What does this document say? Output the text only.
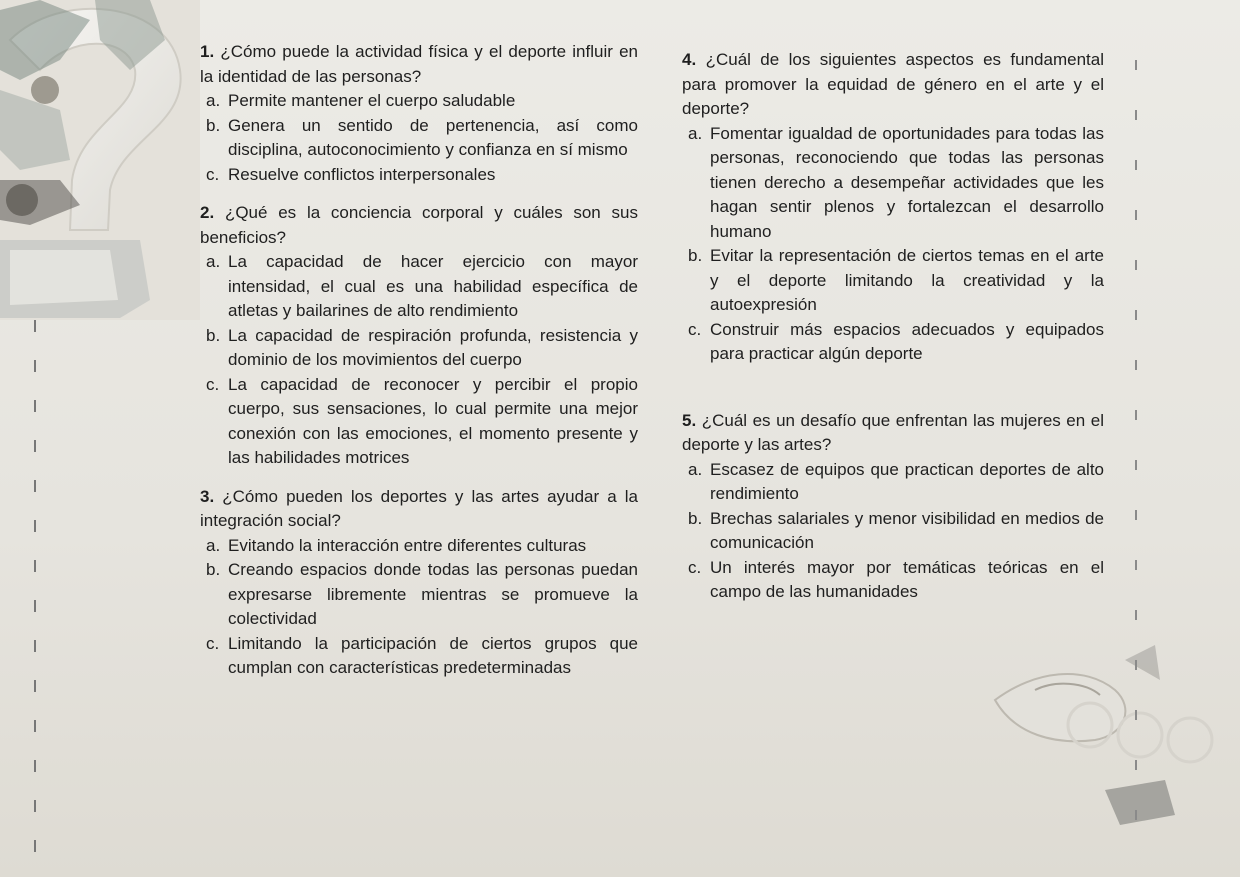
1. ¿Cómo puede la actividad física y el deporte influir en la identidad de las personas?

a. Permite mantener el cuerpo saludable
b. Genera un sentido de pertenencia, así como disciplina, autoconocimiento y confianza en sí mismo
c. Resuelve conflictos interpersonales

2. ¿Qué es la conciencia corporal y cuáles son sus beneficios?

a. La capacidad de hacer ejercicio con mayor intensidad, el cual es una habilidad específica de atletas y bailarines de alto rendimiento
b. La capacidad de respiración profunda, resistencia y dominio de los movimientos del cuerpo
c. La capacidad de reconocer y percibir el propio cuerpo, sus sensaciones, lo cual permite una mejor conexión con las emociones, el momento presente y las habilidades motrices

3. ¿Cómo pueden los deportes y las artes ayudar a la integración social?

a. Evitando la interacción entre diferentes culturas
b. Creando espacios donde todas las personas puedan expresarse libremente mientras se promueve la colectividad
c. Limitando la participación de ciertos grupos que cumplan con características predeterminadas

4. ¿Cuál de los siguientes aspectos es fundamental para promover la equidad de género en el arte y el deporte?

a. Fomentar igualdad de oportunidades para todas las personas, reconociendo que todas las personas tienen derecho a desempeñar actividades que les hagan sentir plenos y fortalezcan el desarrollo humano
b. Evitar la representación de ciertos temas en el arte y el deporte limitando la creatividad y la autoexpresión
c. Construir más espacios adecuados y equipados para practicar algún deporte

5. ¿Cuál es un desafío que enfrentan las mujeres en el deporte y las artes?

a. Escasez de equipos que practican deportes de alto rendimiento
b. Brechas salariales y menor visibilidad en medios de comunicación
c. Un interés mayor por temáticas teóricas en el campo de las humanidades
